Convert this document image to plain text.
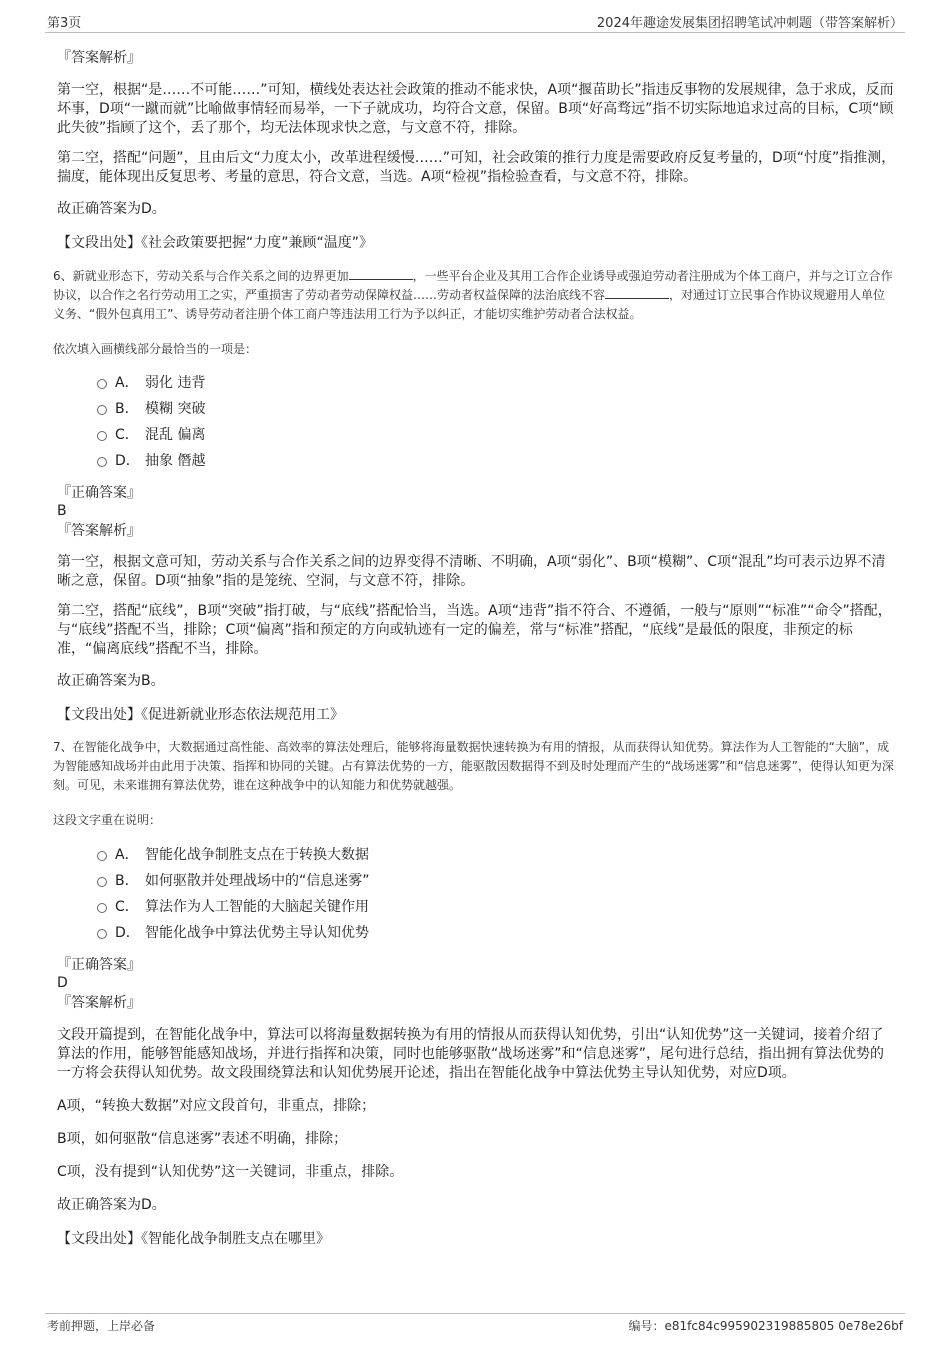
第3页	2024年趣途发展集团招聘笔试冲刺题（带答案解析）

『答案解析』

第一空，根据“是……不可能……”可知，横线处表达社会政策的推动不能求快，A项“揠苗助长”指违反事物的发展规律，急于求成，反而坏事，D项“一蹴而就”比喻做事情轻而易举，一下子就成功，均符合文意，保留。B项“好高骛远”指不切实际地追求过高的目标，C项“顾此失彼”指顾了这个，丢了那个，均无法体现求快之意，与文意不符，排除。

第二空，搭配“问题”，且由后文“力度太小，改革进程缓慢……”可知，社会政策的推行力度是需要政府反复考量的，D项“忖度”指推测，揣度，能体现出反复思考、考量的意思，符合文意，当选。A项“检视”指检验查看，与文意不符，排除。

故正确答案为D。

【文段出处】《社会政策要把握“力度”兼顾“温度”》

6、新就业形态下，劳动关系与合作关系之间的边界更加	，一些平台企业及其用工合作企业诱导或强迫劳动者注册成为个体工商户，并与之订立合作协议，以合作之名行劳动用工之实，严重损害了劳动者劳动保障权益……劳动者权益保障的法治底线不容	，对通过订立民事合作协议规避用人单位义务、“假外包真用工”、诱导劳动者注册个体工商户等违法用工行为予以纠正，才能切实维护劳动者合法权益。

依次填入画横线部分最恰当的一项是：

A． 弱化 违背
B． 模糊 突破
C． 混乱 偏离
D． 抽象 僭越

『正确答案』

B

『答案解析』

第一空，根据文意可知，劳动关系与合作关系之间的边界变得不清晰、不明确，A项“弱化”、B项“模糊”、C项“混乱”均可表示边界不清晰之意，保留。D项“抽象”指的是笼统、空洞，与文意不符，排除。

第二空，搭配“底线”，B项“突破”指打破，与“底线”搭配恰当，当选。A项“违背”指不符合、不遵循，一般与“原则”“标准”“命令”搭配，与“底线”搭配不当，排除；C项“偏离”指和预定的方向或轨迹有一定的偏差，常与“标准”搭配，“底线”是最低的限度，非预定的标准，“偏离底线”搭配不当，排除。

故正确答案为B。

【文段出处】《促进新就业形态依法规范用工》

7、在智能化战争中，大数据通过高性能、高效率的算法处理后，能够将海量数据快速转换为有用的情报，从而获得认知优势。算法作为人工智能的“大脑”，成为智能感知战场并由此用于决策、指挥和协同的关键。占有算法优势的一方，能驱散因数据得不到及时处理而产生的“战场迷雾”和“信息迷雾”，使得认知更为深刻。可见，未来谁拥有算法优势，谁在这种战争中的认知能力和优势就越强。

这段文字重在说明：

A． 智能化战争制胜支点在于转换大数据
B． 如何驱散并处理战场中的“信息迷雾”
C． 算法作为人工智能的大脑起关键作用
D． 智能化战争中算法优势主导认知优势

『正确答案』

D

『答案解析』

文段开篇提到，在智能化战争中，算法可以将海量数据转换为有用的情报从而获得认知优势，引出“认知优势”这一关键词，接着介绍了算法的作用，能够智能感知战场，并进行指挥和决策，同时也能够驱散“战场迷雾”和“信息迷雾”，尾句进行总结，指出拥有算法优势的一方将会获得认知优势。故文段围绕算法和认知优势展开论述，指出在智能化战争中算法优势主导认知优势，对应D项。

A项，“转换大数据”对应文段首句，非重点，排除；

B项，如何驱散“信息迷雾”表述不明确，排除；

C项，没有提到“认知优势”这一关键词，非重点，排除。

故正确答案为D。

【文段出处】《智能化战争制胜支点在哪里》

考前押题，上岸必备	编号：e81fc84c995902319885805 0e78e26bf
